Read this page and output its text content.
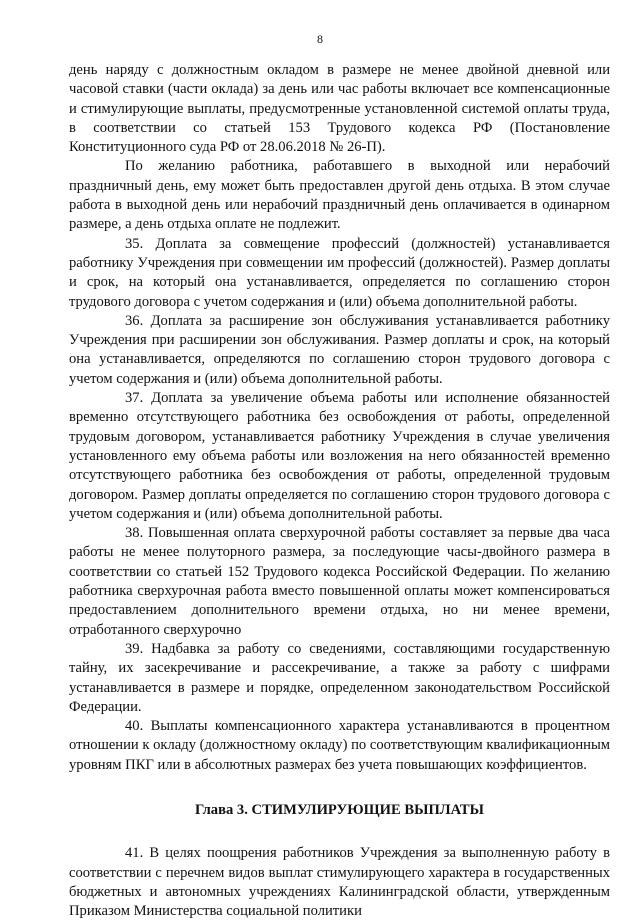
8

день наряду с должностным окладом в размере не менее двойной дневной или часовой ставки (части оклада) за день или час работы включает все компенсационные и стимулирующие выплаты, предусмотренные установленной системой оплаты труда, в соответствии со статьей 153 Трудового кодекса РФ (Постановление Конституционного суда РФ от 28.06.2018 № 26-П).

По желанию работника, работавшего в выходной или нерабочий праздничный день, ему может быть предоставлен другой день отдыха. В этом случае работа в выходной день или нерабочий праздничный день оплачивается в одинарном размере, а день отдыха оплате не подлежит.

35. Доплата за совмещение профессий (должностей) устанавливается работнику Учреждения при совмещении им профессий (должностей). Размер доплаты и срок, на который она устанавливается, определяется по соглашению сторон трудового договора с учетом содержания и (или) объема дополнительной работы.

36. Доплата за расширение зон обслуживания устанавливается работнику Учреждения при расширении зон обслуживания. Размер доплаты и срок, на который она устанавливается, определяются по соглашению сторон трудового договора с учетом содержания и (или) объема дополнительной работы.

37. Доплата за увеличение объема работы или исполнение обязанностей временно отсутствующего работника без освобождения от работы, определенной трудовым договором, устанавливается работнику Учреждения в случае увеличения установленного ему объема работы или возложения на него обязанностей временно отсутствующего работника без освобождения от работы, определенной трудовым договором. Размер доплаты определяется по соглашению сторон трудового договора с учетом содержания и (или) объема дополнительной работы.

38. Повышенная оплата сверхурочной работы составляет за первые два часа работы не менее полуторного размера, за последующие часы-двойного размера в соответствии со статьей 152 Трудового кодекса Российской Федерации. По желанию работника сверхурочная работа вместо повышенной оплаты может компенсироваться предоставлением дополнительного времени отдыха, но ни менее времени, отработанного сверхурочно

39. Надбавка за работу со сведениями, составляющими государственную тайну, их засекречивание и рассекречивание, а также за работу с шифрами устанавливается в размере и порядке, определенном законодательством Российской Федерации.

40. Выплаты компенсационного характера устанавливаются в процентном отношении к окладу (должностному окладу) по соответствующим квалификационным уровням ПКГ или в абсолютных размерах без учета повышающих коэффициентов.

Глава 3. СТИМУЛИРУЮЩИЕ ВЫПЛАТЫ

41. В целях поощрения работников Учреждения за выполненную работу в соответствии с перечнем видов выплат стимулирующего характера в государственных бюджетных и автономных учреждениях Калининградской области, утвержденным Приказом Министерства социальной политики
